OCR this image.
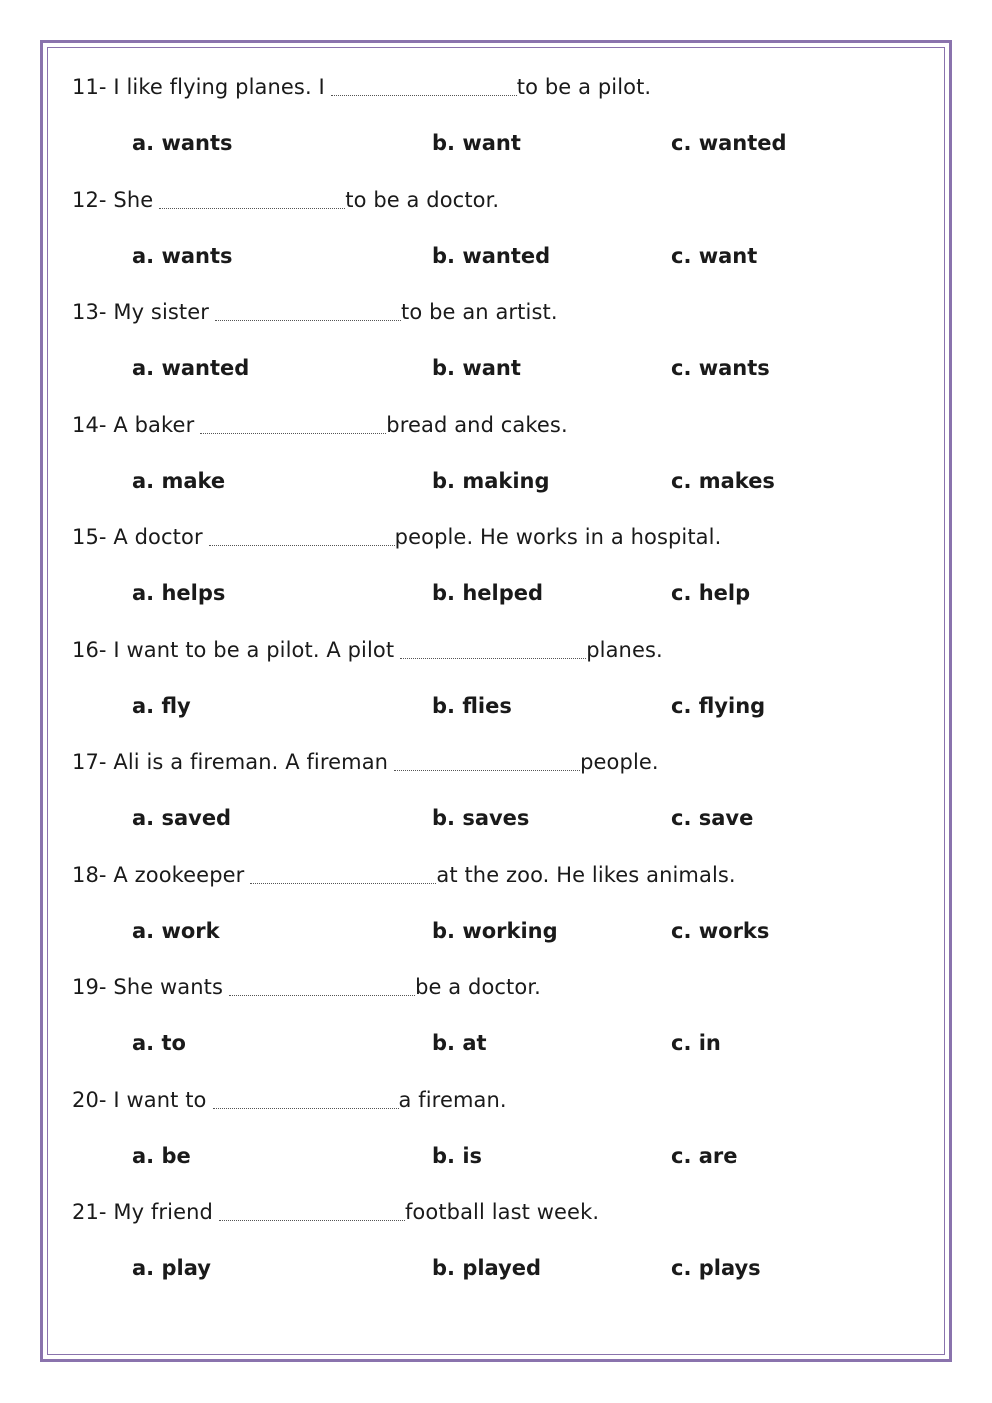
11- I like flying planes. I	to be a pilot.
a. wants	b. want	c. wanted
12- She	to be a doctor.
a. wants	b. wanted	c. want
13- My sister	to be an artist.
a. wanted	b. want	c. wants
14- A baker	bread and cakes.
a. make	b. making	c. makes
15- A doctor	people. He works in a hospital.
a. helps	b. helped	c. help
16- I want to be a pilot. A pilot	planes.
a. fly	b. flies	c. flying
17- Ali is a fireman. A fireman	people.
a. saved	b. saves	c. save
18- A zookeeper	at the zoo. He likes animals.
a. work	b. working	c. works
19- She wants	be a doctor.
a. to	b. at	c. in
20- I want to	a fireman.
a. be	b. is	c. are
21- My friend	football last week.
a. play	b. played	c. plays
